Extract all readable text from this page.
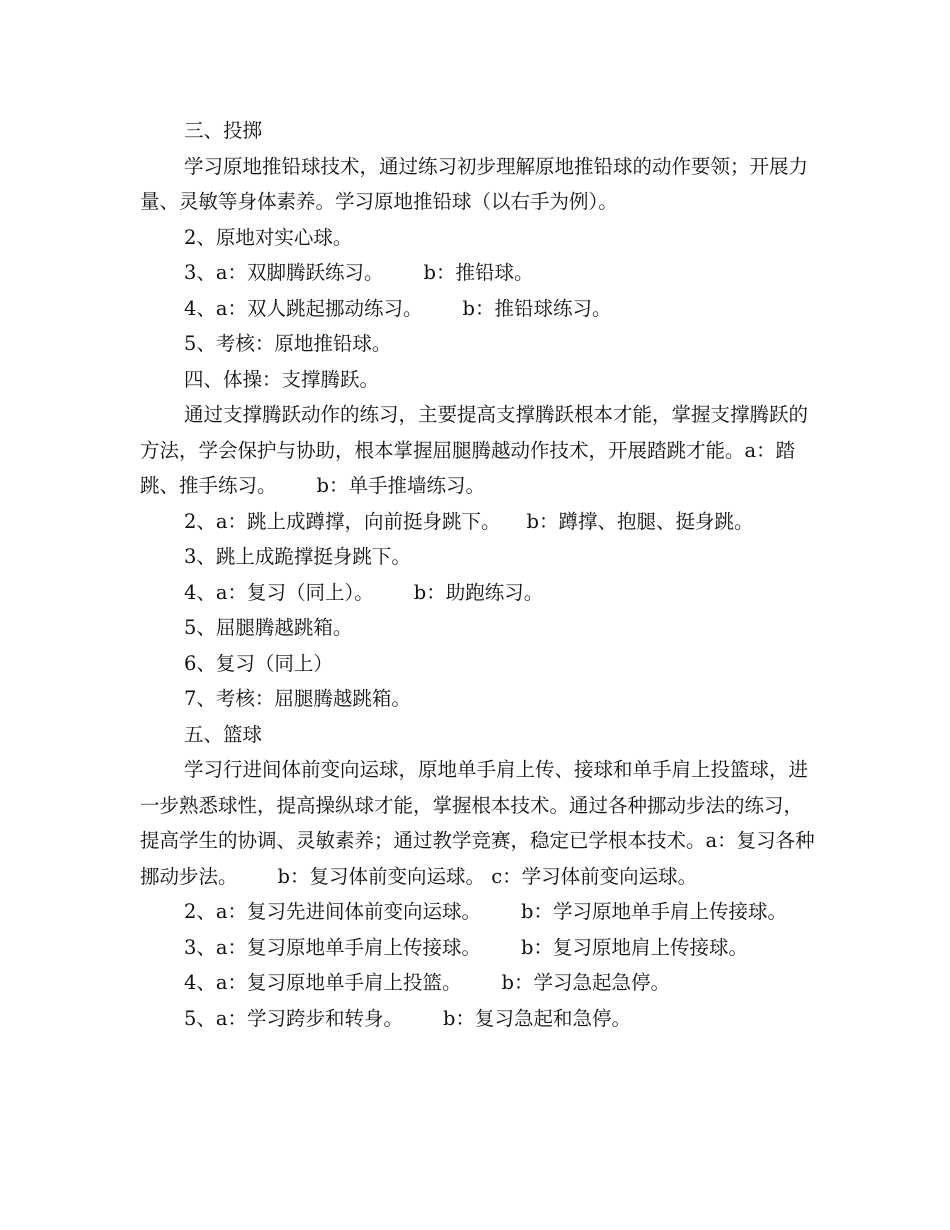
三、投掷

学习原地推铅球技术，通过练习初步理解原地推铅球的动作要领；开展力量、灵敏等身体素养。学习原地推铅球（以右手为例）。

2、原地对实心球。

3、a：双脚腾跃练习。 b：推铅球。

4、a：双人跳起挪动练习。 b：推铅球练习。

5、考核：原地推铅球。

四、体操：支撑腾跃。

通过支撑腾跃动作的练习，主要提高支撑腾跃根本才能，掌握支撑腾跃的方法，学会保护与协助，根本掌握屈腿腾越动作技术，开展踏跳才能。a：踏跳、推手练习。 b：单手推墙练习。

2、a：跳上成蹲撑，向前挺身跳下。 b：蹲撑、抱腿、挺身跳。

3、跳上成跪撑挺身跳下。

4、a：复习（同上）。 b：助跑练习。

5、屈腿腾越跳箱。

6、复习（同上）

7、考核：屈腿腾越跳箱。

五、篮球

学习行进间体前变向运球，原地单手肩上传、接球和单手肩上投篮球，进一步熟悉球性，提高操纵球才能，掌握根本技术。通过各种挪动步法的练习，提高学生的协调、灵敏素养；通过教学竞赛，稳定已学根本技术。a：复习各种挪动步法。 b：复习体前变向运球。 c：学习体前变向运球。

2、a：复习先进间体前变向运球。 b：学习原地单手肩上传接球。

3、a：复习原地单手肩上传接球。 b：复习原地肩上传接球。

4、a：复习原地单手肩上投篮。 b：学习急起急停。

5、a：学习跨步和转身。 b：复习急起和急停。
